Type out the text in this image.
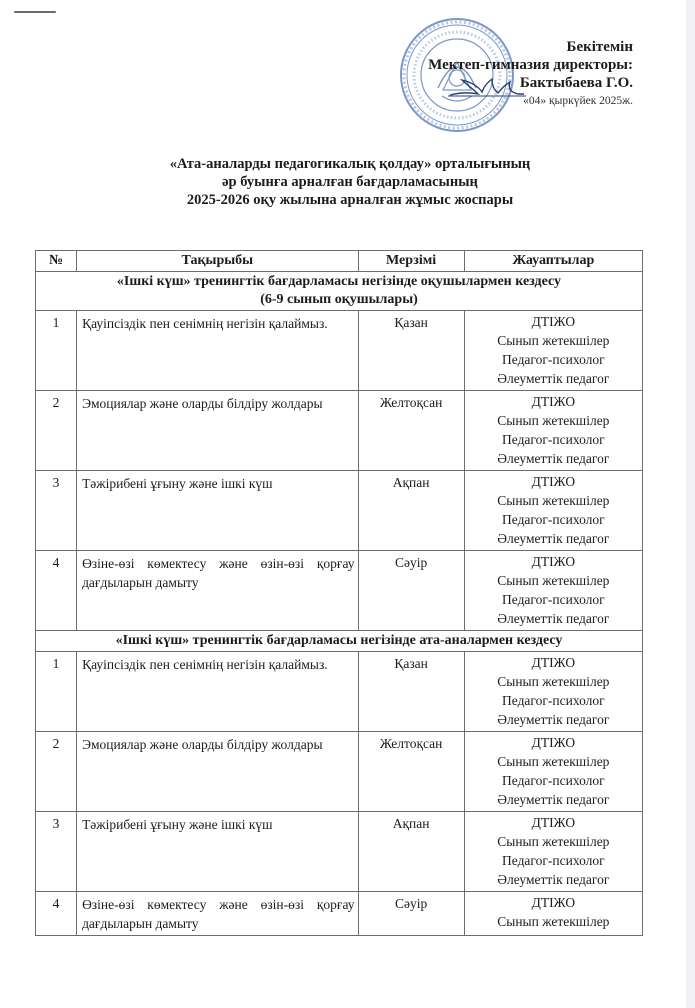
Бекітемін
Мектеп-гимназия директоры:
Бактыбаева Г.О.
«04» қыркүйек 2025ж.
«Ата-аналарды педагогикалық қолдау» орталығының
әр буынға арналған бағдарламасының
2025-2026 оқу жылына арналған жұмыс жоспары
№	Тақырыбы	Мерзімі	Жауаптылар

«Ішкі күш» тренингтік бағдарламасы негізінде оқушылармен кездесу
(6-9 сынып оқушылары)			

1	Қауіпсіздік пен сенімнің негізін қалаймыз.	Қазан	ДТІЖО
Сынып жетекшілер
Педагог-психолог
Әлеуметтік педагог

2	Эмоциялар және оларды білдіру жолдары	Желтоқсан	ДТІЖО
Сынып жетекшілер
Педагог-психолог
Әлеуметтік педагог

3	Тәжірибені ұғыну және ішкі күш	Ақпан	ДТІЖО
Сынып жетекшілер
Педагог-психолог
Әлеуметтік педагог

4	Өзіне-өзі көмектесу және өзін-өзі қорғау дағдыларын дамыту	Сәуір	ДТІЖО
Сынып жетекшілер
Педагог-психолог
Әлеуметтік педагог

«Ішкі күш» тренингтік бағдарламасы негізінде ата-аналармен кездесу			

1	Қауіпсіздік пен сенімнің негізін қалаймыз.	Қазан	ДТІЖО
Сынып жетекшілер
Педагог-психолог
Әлеуметтік педагог

2	Эмоциялар және оларды білдіру жолдары	Желтоқсан	ДТІЖО
Сынып жетекшілер
Педагог-психолог
Әлеуметтік педагог

3	Тәжірибені ұғыну және ішкі күш	Ақпан	ДТІЖО
Сынып жетекшілер
Педагог-психолог
Әлеуметтік педагог

4	Өзіне-өзі көмектесу және өзін-өзі қорғау дағдыларын дамыту	Сәуір	ДТІЖО
Сынып жетекшілер
